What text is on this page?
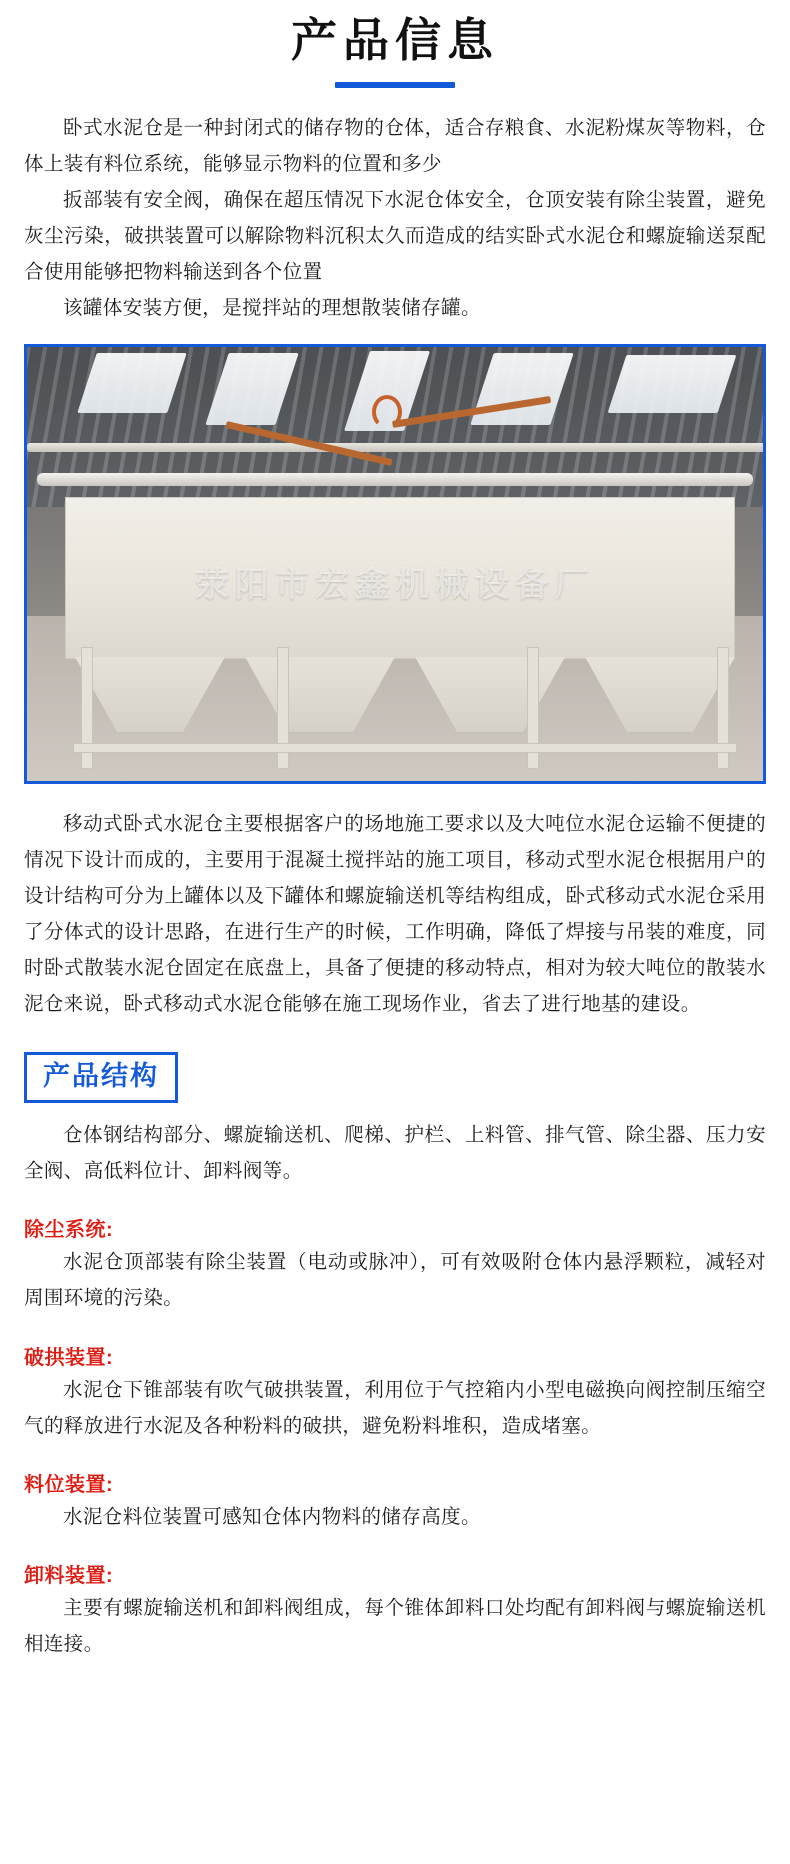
产品信息

卧式水泥仓是一种封闭式的储存物的仓体，适合存粮食、水泥粉煤灰等物料，仓体上装有料位系统，能够显示物料的位置和多少

扳部装有安全阀，确保在超压情况下水泥仓体安全，仓顶安装有除尘装置，避免灰尘污染，破拱装置可以解除物料沉积太久而造成的结实卧式水泥仓和螺旋输送泵配合使用能够把物料输送到各个位置

该罐体安装方便，是搅拌站的理想散装储存罐。

荥阳市宏鑫机械设备厂

移动式卧式水泥仓主要根据客户的场地施工要求以及大吨位水泥仓运输不便捷的情况下设计而成的，主要用于混凝土搅拌站的施工项目，移动式型水泥仓根据用户的设计结构可分为上罐体以及下罐体和螺旋输送机等结构组成，卧式移动式水泥仓采用了分体式的设计思路，在进行生产的时候，工作明确，降低了焊接与吊装的难度，同时卧式散装水泥仓固定在底盘上，具备了便捷的移动特点，相对为较大吨位的散装水泥仓来说，卧式移动式水泥仓能够在施工现场作业，省去了进行地基的建设。

产品结构

仓体钢结构部分、螺旋输送机、爬梯、护栏、上料管、排气管、除尘器、压力安全阀、高低料位计、卸料阀等。

除尘系统:

水泥仓顶部装有除尘装置（电动或脉冲），可有效吸附仓体内悬浮颗粒，减轻对周围环境的污染。

破拱装置:

水泥仓下锥部装有吹气破拱装置，利用位于气控箱内小型电磁换向阀控制压缩空气的释放进行水泥及各种粉料的破拱，避免粉料堆积，造成堵塞。

料位装置:

水泥仓料位装置可感知仓体内物料的储存高度。

卸料装置:

主要有螺旋输送机和卸料阀组成，每个锥体卸料口处均配有卸料阀与螺旋输送机相连接。
